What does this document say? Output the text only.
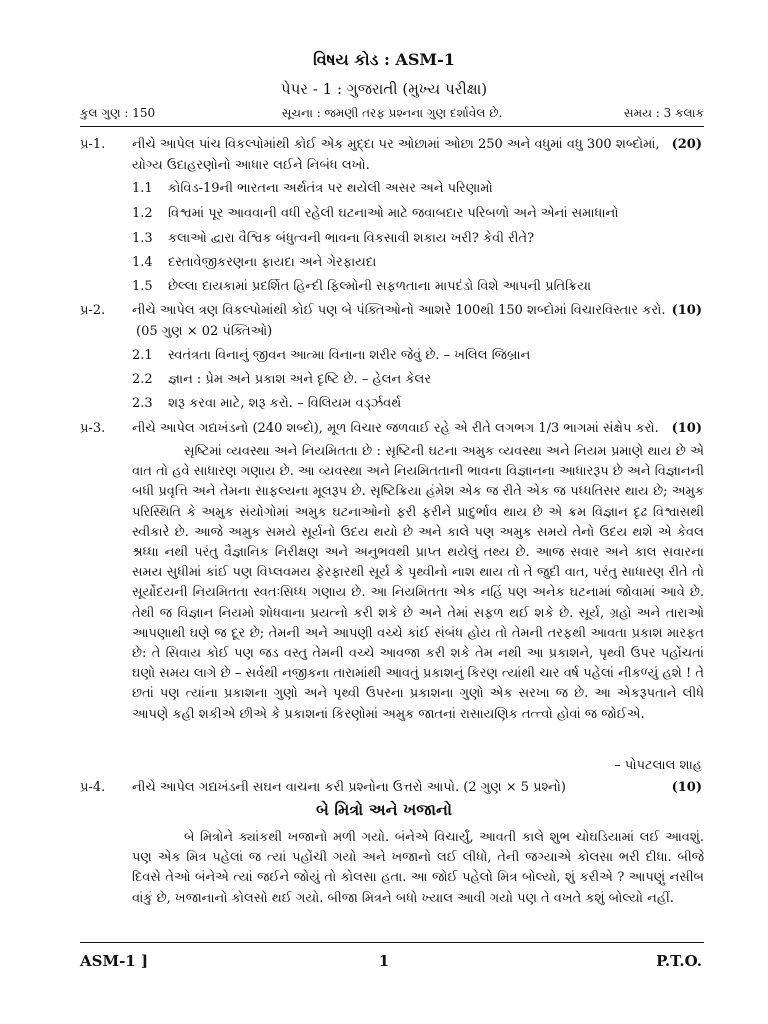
વિષય કોડ : ASM-1
પેપર - 1 : ગુજરાતી (મુખ્ય પરીક્ષા)
કુલ ગુણ : 150	સૂચના : જમણી તરફ પ્રશ્નના ગુણ દર્શાવેલ છે.	સમય : 3 કલાક
પ્ર-1.	(20)
નીચે આપેલ પાંચ વિકલ્પોમાંથી કોઈ એક મુદ્દા પર ઓછામાં ઓછા 250 અને વધુમાં વધુ 300 શબ્દોમાં,
યોગ્ય ઉદાહરણોનો આધાર લઈને નિબંધ લખો.
1.1 કોવિડ-19ની ભારતના અર્થતંત્ર પર થયેલી અસર અને પરિણામો
1.2 વિશ્વમાં પૂર આવવાની વધી રહેલી ઘટનાઓ માટે જવાબદાર પરિબળો અને એનાં સમાધાનો
1.3 કલાઓ દ્વારા વૈશ્વિક બંધુત્વની ભાવના વિકસાવી શકાય ખરી? કેવી રીતે?
1.4 દસ્તાવેજીકરણના ફાયદા અને ગેરફાયદા
1.5 છેલ્લા દાયકામાં પ્રદર્શિત હિન્દી ફિલ્મોની સફળતાના માપદંડો વિશે આપની પ્રતિક્રિયા
પ્ર-2.	(10)
નીચે આપેલ ત્રણ વિકલ્પોમાંથી કોઈ પણ બે પંક્તિઓનો આશરે 100થી 150 શબ્દોમાં વિચારવિસ્તાર કરો.
(05 ગુણ × 02 પંક્તિઓ)
2.1 સ્વતંત્રતા વિનાનું જીવન આત્મા વિનાના શરીર જેવું છે. – ખલિલ જિબ્રાન
2.2 જ્ઞાન : પ્રેમ અને પ્રકાશ અને દૃષ્ટિ છે. – હેલન કેલર
2.3 શરૂ કરવા માટે, શરૂ કરો. – વિલિયમ વર્ડ્ઝવર્થ
પ્ર-3.	(10)
નીચે આપેલ ગદ્યખંડનો (240 શબ્દો), મૂળ વિચાર જળવાઈ રહે એ રીતે લગભગ 1/3 ભાગમાં સંક્ષેપ કરો.

સૃષ્ટિમાં વ્યવસ્થા અને નિયમિતતા છે : સૃષ્ટિની ઘટના અમુક વ્યવસ્થા અને નિયમ પ્રમાણે થાય છે એ વાત તો હવે સાધારણ ગણાય છે. આ વ્યવસ્થા અને નિયમિતતાની ભાવના વિજ્ઞાનના આધારરૂપ છે અને વિજ્ઞાનની બધી પ્રવૃત્તિ અને તેમના સાફલ્યના મૂલરૂપ છે. સૃષ્ટિક્રિયા હંમેશ એક જ રીતે એક જ પધ્ધતિસર થાય છે; અમુક પરિસ્થિતિ કે અમુક સંયોગોમાં અમુક ઘટનાઓનો ફરી ફરીને પ્રાદુર્ભાવ થાય છે એ ક્રમ વિજ્ઞાન દૃઢ વિશ્વાસથી સ્વીકારે છે. આજે અમુક સમયે સૂર્યનો ઉદય થયો છે અને કાલે પણ અમુક સમયે તેનો ઉદય થશે એ કેવલ શ્રધ્ધા નથી પરંતુ વૈજ્ઞાનિક નિરીક્ષણ અને અનુભવથી પ્રાપ્ત થયેલું તથ્ય છે. આજ સવાર અને કાલ સવારના સમય સુધીમાં કાંઈ પણ વિપ્લવમય ફેરફારથી સૂર્ય કે પૃથ્વીનો નાશ થાય તો તે જુદી વાત, પરંતુ સાધારણ રીતે તો સૂર્યોદયની નિયમિતતા સ્વતઃસિધ્ધ ગણાય છે. આ નિયમિતતા એક નહિં પણ અનેક ઘટનામાં જોવામાં આવે છે. તેથી જ વિજ્ઞાન નિયમો શોધવાના પ્રયત્નો કરી શકે છે અને તેમાં સફળ થઈ શકે છે. સૂર્ય, ગ્રહો અને તારાઓ આપણાથી ઘણે જ દૂર છે; તેમની અને આપણી વચ્ચે કાંઈ સંબંધ હોય તો તેમની તરફથી આવતા પ્રકાશ મારફત છે: તે સિવાય કોઈ પણ જડ વસ્તુ તેમની વચ્ચે આવજા કરી શકે તેમ નથી આ પ્રકાશને, પૃથ્વી ઉપર પહોંચતાં ઘણો સમય લાગે છે – સર્વથી નજીકના તારામાંથી આવતું પ્રકાશનું કિરણ ત્યાંથી ચાર વર્ષ પહેલાં નીકળ્યું હશે ! તે છતાં પણ ત્યાંના પ્રકાશના ગુણો અને પૃથ્વી ઉપરના પ્રકાશના ગુણો એક સરખા જ છે. આ એકરૂપતાને લીધે આપણે કહી શકીએ છીએ કે પ્રકાશનાં કિરણોમાં અમુક જાતનાં રાસાયણિક તત્ત્વો હોવાં જ જોઈએ.

– પોપટલાલ શાહ
પ્ર-4.	(10)
નીચે આપેલ ગદ્યખંડની સઘન વાચના કરી પ્રશ્નોના ઉત્તરો આપો. (2 ગુણ × 5 પ્રશ્નો)
બે મિત્રો અને ખજાનો

બે મિત્રોને ક્યાંકથી ખજાનો મળી ગયો. બંનેએ વિચાર્યું, આવતી કાલે શુભ ચોઘડિયામાં લઈ આવશું. પણ એક મિત્ર પહેલાં જ ત્યાં પહોંચી ગયો અને ખજાનો લઈ લીધો, તેની જગ્યાએ કોલસા ભરી દીધા. બીજે દિવસે તેઓ બંનેએ ત્યાં જઈને જોયું તો કોલસા હતા. આ જોઈ પહેલો મિત્ર બોલ્યો, શું કરીએ ? આપણું નસીબ વાંકું છે, ખજાનાનો કોલસો થઈ ગયો. બીજા મિત્રને બધો ખ્યાલ આવી ગયો પણ તે વખતે કશું બોલ્યો નહીં.

ASM-1 ]	1	P.T.O.
